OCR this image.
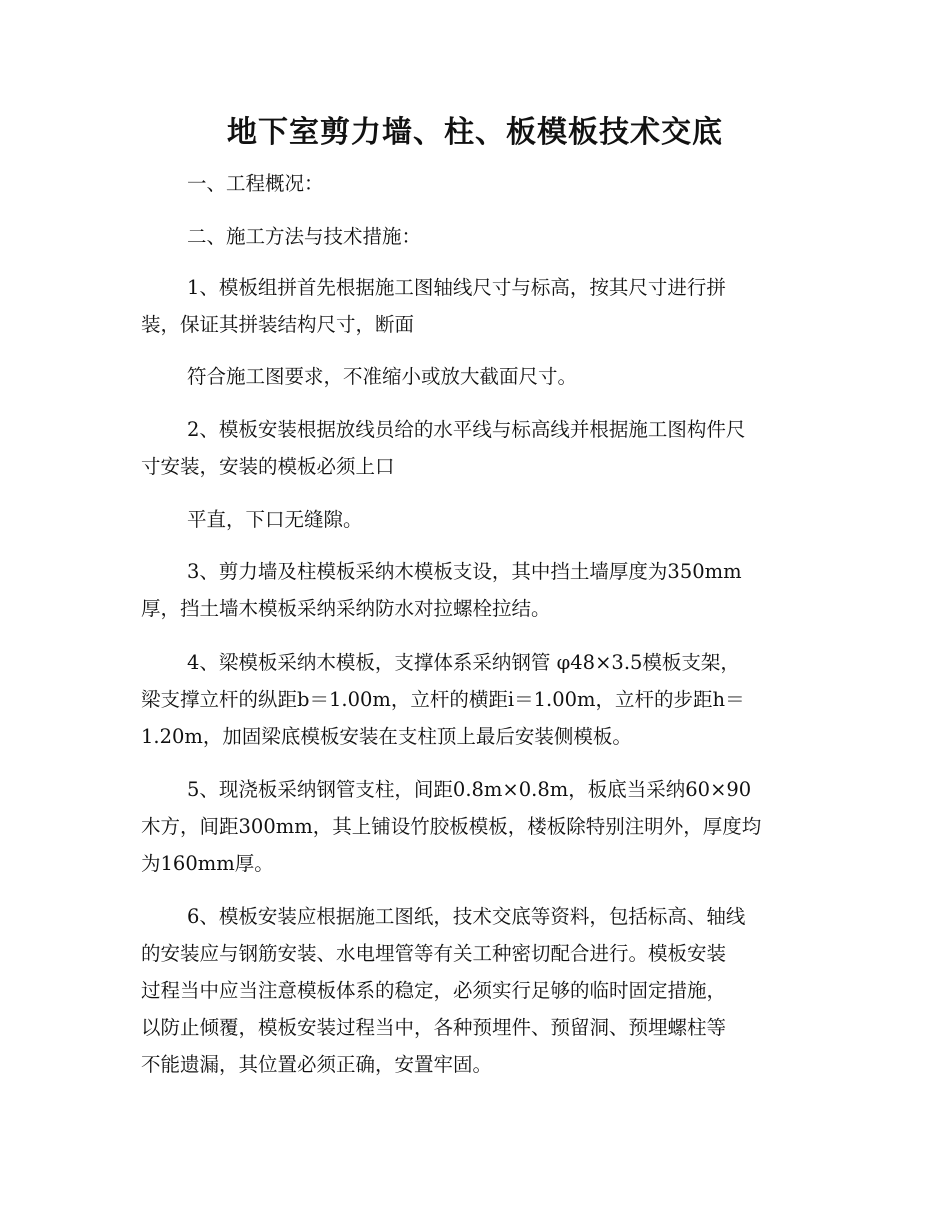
地下室剪力墙、柱、板模板技术交底

一、工程概况：

二、施工方法与技术措施：

1、模板组拼首先根据施工图轴线尺寸与标高，按其尺寸进行拼

装，保证其拼装结构尺寸，断面

符合施工图要求，不准缩小或放大截面尺寸。

2、模板安装根据放线员给的水平线与标高线并根据施工图构件尺

寸安装，安装的模板必须上口

平直，下口无缝隙。

3、剪力墙及柱模板采纳木模板支设，其中挡土墙厚度为350mm

厚，挡土墙木模板采纳采纳防水对拉螺栓拉结。

4、梁模板采纳木模板，支撑体系采纳钢管 φ48×3.5模板支架，

梁支撑立杆的纵距b＝1.00m，立杆的横距i＝1.00m，立杆的步距h＝

1.20m，加固梁底模板安装在支柱顶上最后安装侧模板。

5、现浇板采纳钢管支柱，间距0.8m×0.8m，板底当采纳60×90

木方，间距300mm，其上铺设竹胶板模板，楼板除特别注明外，厚度均

为160mm厚。

6、模板安装应根据施工图纸，技术交底等资料，包括标高、轴线

的安装应与钢筋安装、水电埋管等有关工种密切配合进行。模板安装

过程当中应当注意模板体系的稳定，必须实行足够的临时固定措施，

以防止倾覆，模板安装过程当中，各种预埋件、预留洞、预埋螺柱等

不能遗漏，其位置必须正确，安置牢固。
